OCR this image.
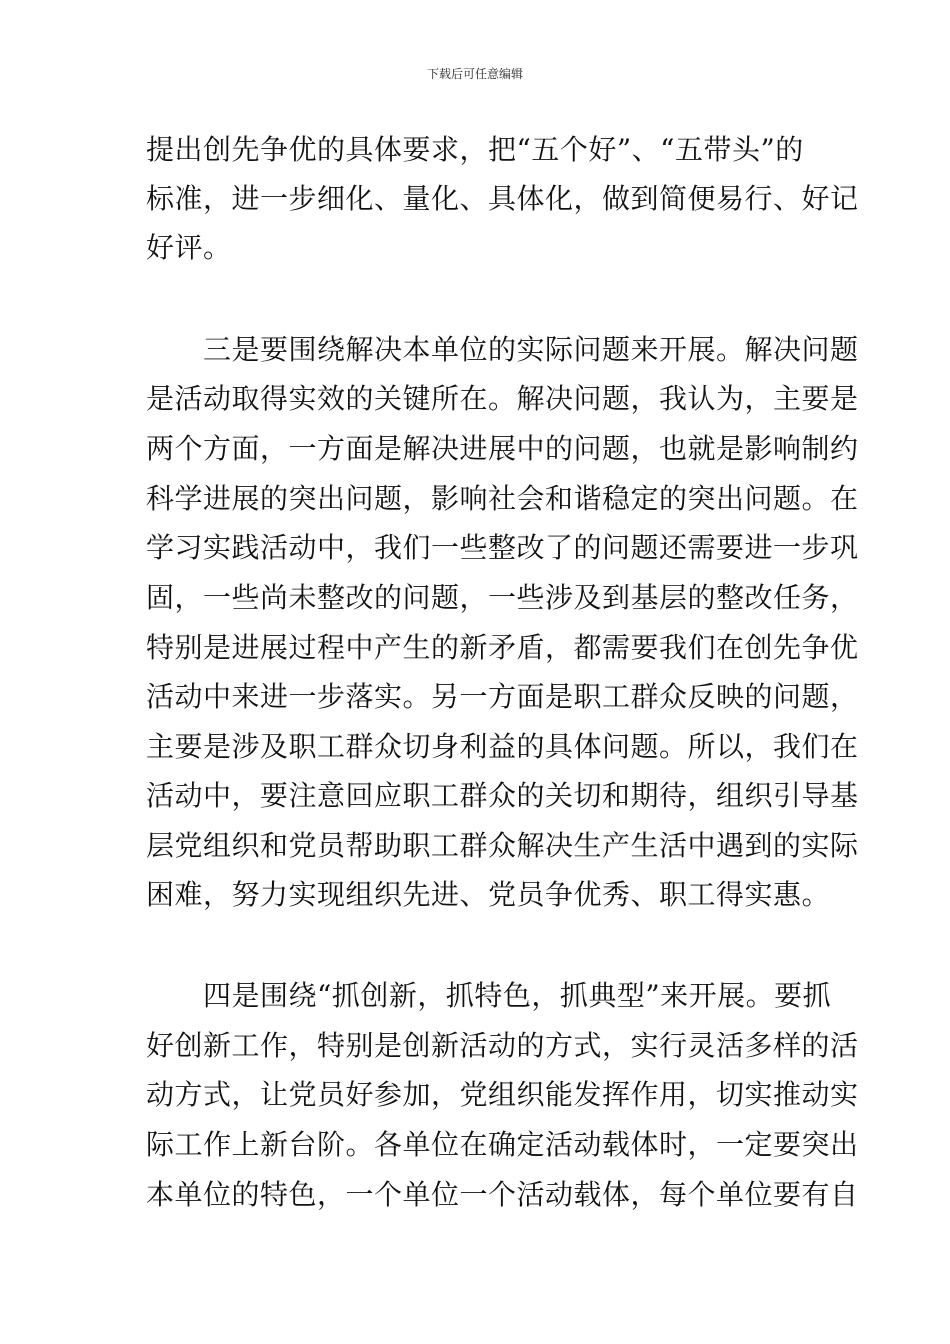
下载后可任意编辑
提出创先争优的具体要求，把“五个好”、“五带头”的
标准，进一步细化、量化、具体化，做到简便易行、好记
好评。
　　三是要围绕解决本单位的实际问题来开展。解决问题
是活动取得实效的关键所在。解决问题，我认为，主要是
两个方面，一方面是解决进展中的问题，也就是影响制约
科学进展的突出问题，影响社会和谐稳定的突出问题。在
学习实践活动中，我们一些整改了的问题还需要进一步巩
固，一些尚未整改的问题，一些涉及到基层的整改任务，
特别是进展过程中产生的新矛盾，都需要我们在创先争优
活动中来进一步落实。另一方面是职工群众反映的问题，
主要是涉及职工群众切身利益的具体问题。所以，我们在
活动中，要注意回应职工群众的关切和期待，组织引导基
层党组织和党员帮助职工群众解决生产生活中遇到的实际
困难，努力实现组织先进、党员争优秀、职工得实惠。
　　四是围绕“抓创新，抓特色，抓典型”来开展。要抓
好创新工作，特别是创新活动的方式，实行灵活多样的活
动方式，让党员好参加，党组织能发挥作用，切实推动实
际工作上新台阶。各单位在确定活动载体时，一定要突出
本单位的特色，一个单位一个活动载体，每个单位要有自
